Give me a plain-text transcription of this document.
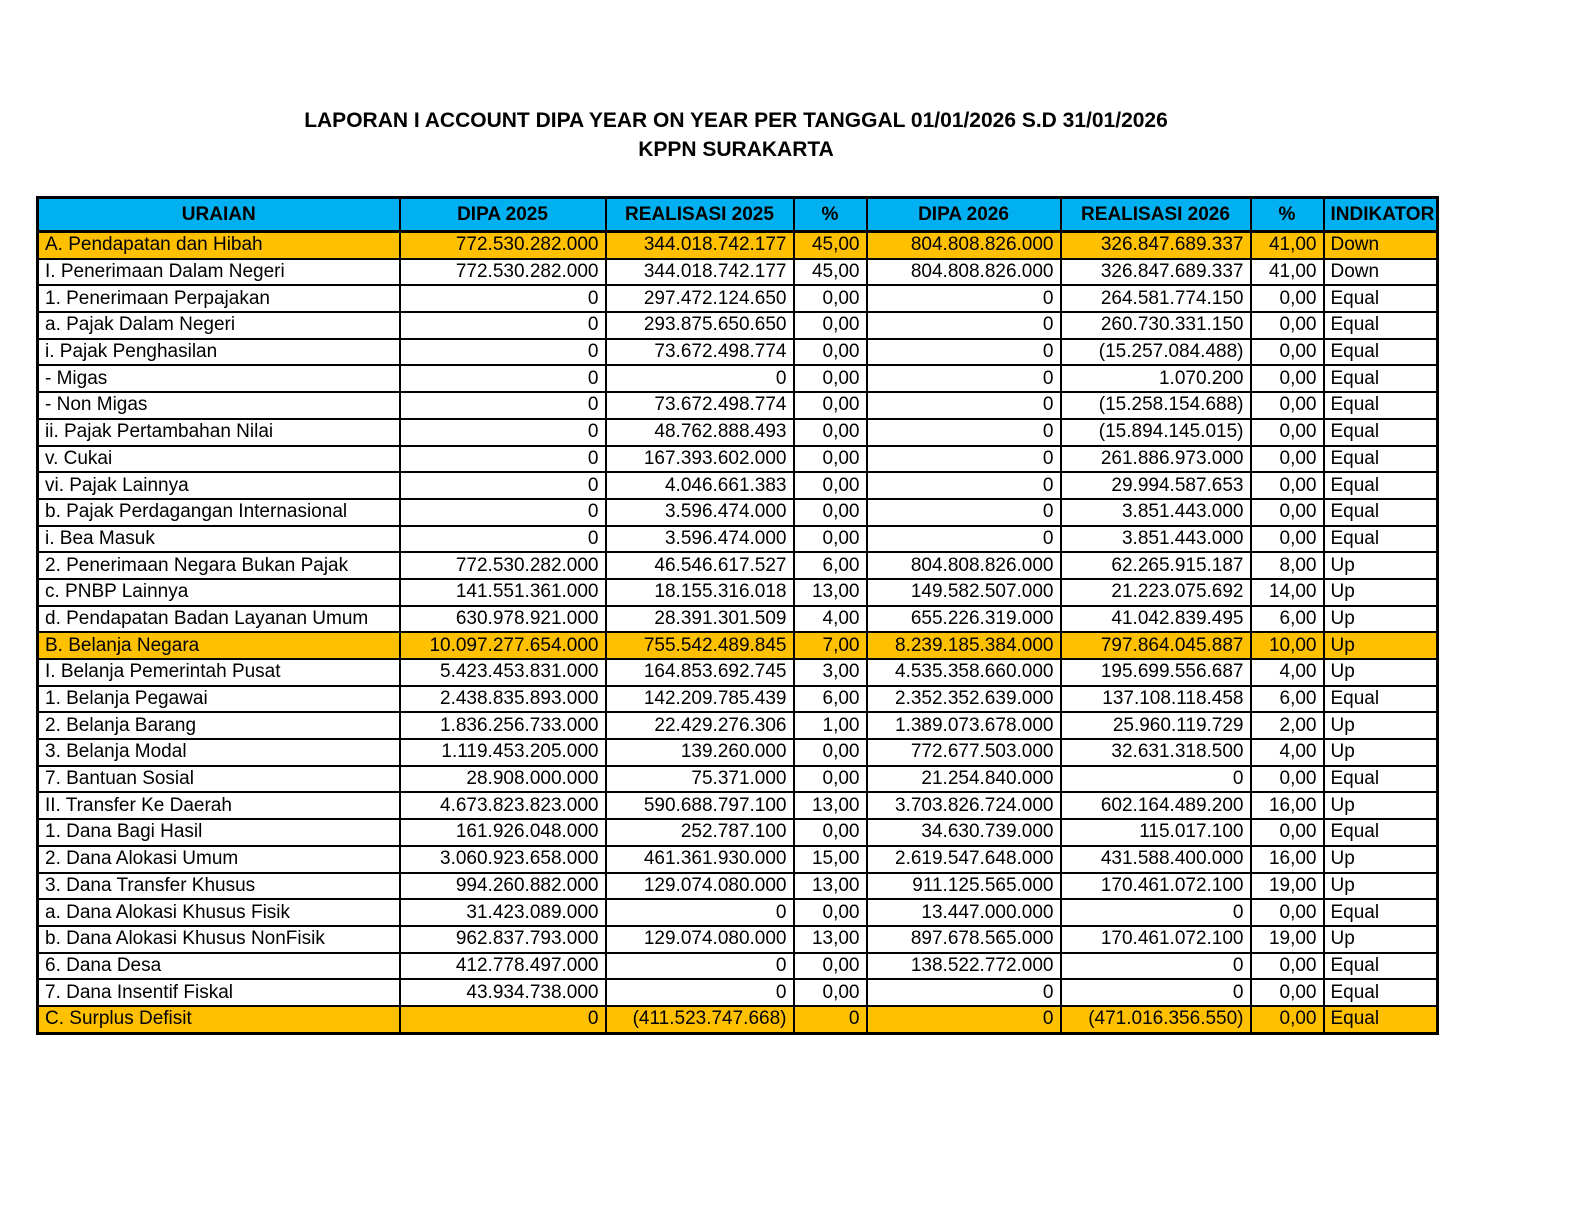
LAPORAN I ACCOUNT DIPA YEAR ON YEAR PER TANGGAL 01/01/2026 S.D 31/01/2026
KPPN SURAKARTA
URAIAN	DIPA 2025	REALISASI 2025	%	DIPA 2026	REALISASI 2026	%	INDIKATOR
A. Pendapatan dan Hibah	772.530.282.000	344.018.742.177	45,00	804.808.826.000	326.847.689.337	41,00	Down
I. Penerimaan Dalam Negeri	772.530.282.000	344.018.742.177	45,00	804.808.826.000	326.847.689.337	41,00	Down
1. Penerimaan Perpajakan	0	297.472.124.650	0,00	0	264.581.774.150	0,00	Equal
a. Pajak Dalam Negeri	0	293.875.650.650	0,00	0	260.730.331.150	0,00	Equal
i. Pajak Penghasilan	0	73.672.498.774	0,00	0	(15.257.084.488)	0,00	Equal
- Migas	0	0	0,00	0	1.070.200	0,00	Equal
- Non Migas	0	73.672.498.774	0,00	0	(15.258.154.688)	0,00	Equal
ii. Pajak Pertambahan Nilai	0	48.762.888.493	0,00	0	(15.894.145.015)	0,00	Equal
v. Cukai	0	167.393.602.000	0,00	0	261.886.973.000	0,00	Equal
vi. Pajak Lainnya	0	4.046.661.383	0,00	0	29.994.587.653	0,00	Equal
b. Pajak Perdagangan Internasional	0	3.596.474.000	0,00	0	3.851.443.000	0,00	Equal
i. Bea Masuk	0	3.596.474.000	0,00	0	3.851.443.000	0,00	Equal
2. Penerimaan Negara Bukan Pajak	772.530.282.000	46.546.617.527	6,00	804.808.826.000	62.265.915.187	8,00	Up
c. PNBP Lainnya	141.551.361.000	18.155.316.018	13,00	149.582.507.000	21.223.075.692	14,00	Up
d. Pendapatan Badan Layanan Umum	630.978.921.000	28.391.301.509	4,00	655.226.319.000	41.042.839.495	6,00	Up
B. Belanja Negara	10.097.277.654.000	755.542.489.845	7,00	8.239.185.384.000	797.864.045.887	10,00	Up
I. Belanja Pemerintah Pusat	5.423.453.831.000	164.853.692.745	3,00	4.535.358.660.000	195.699.556.687	4,00	Up
1. Belanja Pegawai	2.438.835.893.000	142.209.785.439	6,00	2.352.352.639.000	137.108.118.458	6,00	Equal
2. Belanja Barang	1.836.256.733.000	22.429.276.306	1,00	1.389.073.678.000	25.960.119.729	2,00	Up
3. Belanja Modal	1.119.453.205.000	139.260.000	0,00	772.677.503.000	32.631.318.500	4,00	Up
7. Bantuan Sosial	28.908.000.000	75.371.000	0,00	21.254.840.000	0	0,00	Equal
II. Transfer Ke Daerah	4.673.823.823.000	590.688.797.100	13,00	3.703.826.724.000	602.164.489.200	16,00	Up
1. Dana Bagi Hasil	161.926.048.000	252.787.100	0,00	34.630.739.000	115.017.100	0,00	Equal
2. Dana Alokasi Umum	3.060.923.658.000	461.361.930.000	15,00	2.619.547.648.000	431.588.400.000	16,00	Up
3. Dana Transfer Khusus	994.260.882.000	129.074.080.000	13,00	911.125.565.000	170.461.072.100	19,00	Up
a. Dana Alokasi Khusus Fisik	31.423.089.000	0	0,00	13.447.000.000	0	0,00	Equal
b. Dana Alokasi Khusus NonFisik	962.837.793.000	129.074.080.000	13,00	897.678.565.000	170.461.072.100	19,00	Up
6. Dana Desa	412.778.497.000	0	0,00	138.522.772.000	0	0,00	Equal
7. Dana Insentif Fiskal	43.934.738.000	0	0,00	0	0	0,00	Equal
C. Surplus Defisit	0	(411.523.747.668)	0	0	(471.016.356.550)	0,00	Equal
